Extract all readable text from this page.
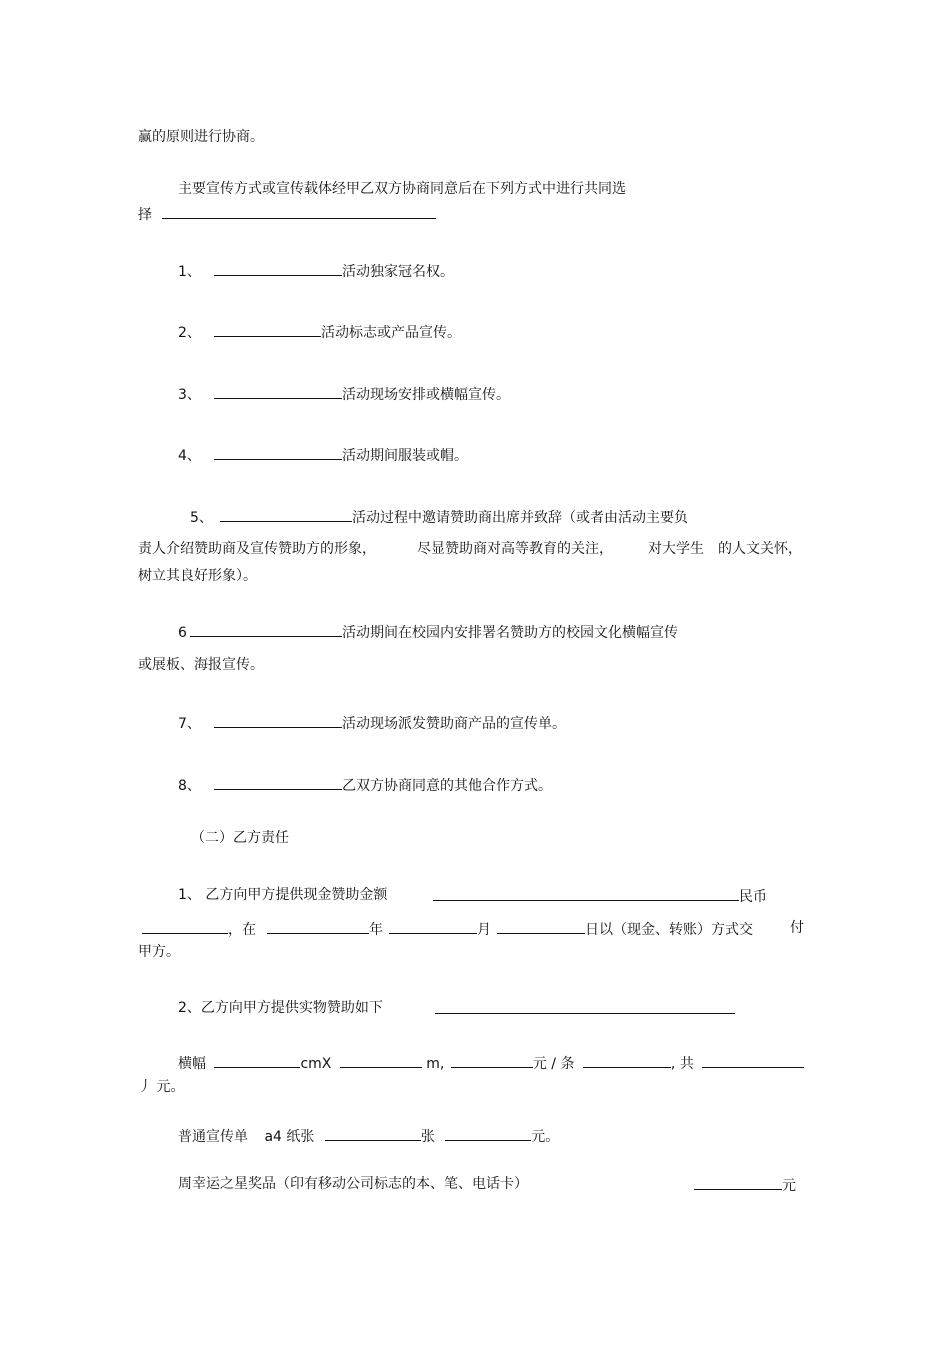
赢的原则进行协商。
主要宣传方式或宣传载体经甲乙双方协商同意后在下列方式中进行共同选
择
1、	活动独家冠名权。
2、	活动标志或产品宣传。
3、	活动现场安排或横幅宣传。
4、	活动期间服装或帽。
5、	活动过程中邀请赞助商出席并致辞（或者由活动主要负
责人介绍赞助商及宣传赞助方的形象，	尽显赞助商对高等教育的关注，	对大学生 的人文关怀，
树立其良好形象）。
6	活动期间在校园内安排署名赞助方的校园文化横幅宣传
或展板、海报宣传。
7、	活动现场派发赞助商产品的宣传单。
8、	乙双方协商同意的其他合作方式。
（二）乙方责任
1、 乙方向甲方提供现金赞助金额	民币
，在	年	月	日以（现金、转账）方式交	付
甲方。
2、乙方向甲方提供实物赞助如下
横幅	cmX	m,	元 / 条	, 共
丿 元。
普通宣传单 a4 纸张	张	元。
周幸运之星奖品（印有移动公司标志的本、笔、电话卡）	元
